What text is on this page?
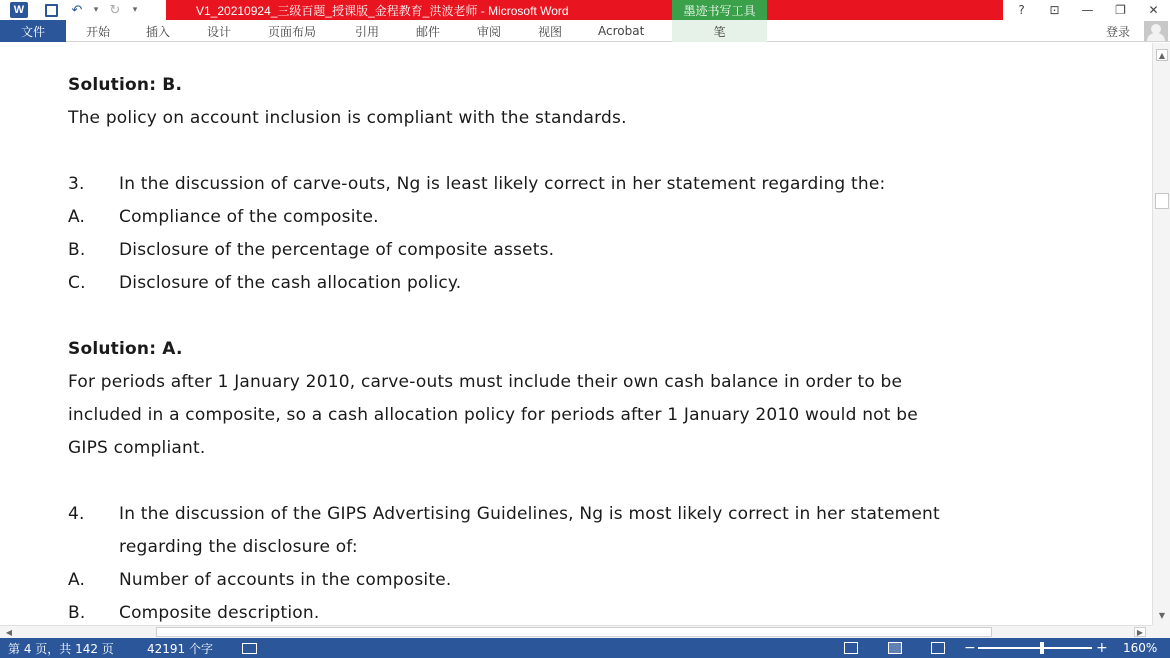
W	↶	▾ ↻	▾	V1_20210924_三级百题_授课版_金程教育_洪波老师 - Microsoft Word	墨迹书写工具	?	⊡	—	❐	✕
文件	开始	插入	设计	页面布局	引用	邮件	审阅	视图	Acrobat	笔	登录
Solution: B.
The policy on account inclusion is compliant with the standards.
3. In the discussion of carve-outs, Ng is least likely correct in her statement regarding the:
A. Compliance of the composite.
B. Disclosure of the percentage of composite assets.
C. Disclosure of the cash allocation policy.
Solution: A.
For periods after 1 January 2010, carve-outs must include their own cash balance in order to be
included in a composite, so a cash allocation policy for periods after 1 January 2010 would not be
GIPS compliant.
4. In the discussion of the GIPS Advertising Guidelines, Ng is most likely correct in her statement
regarding the disclosure of:
A. Number of accounts in the composite.
B. Composite description.
▲
▼
◀	▶
第 4 页，共 142 页	42191 个字	−	+ 160%
